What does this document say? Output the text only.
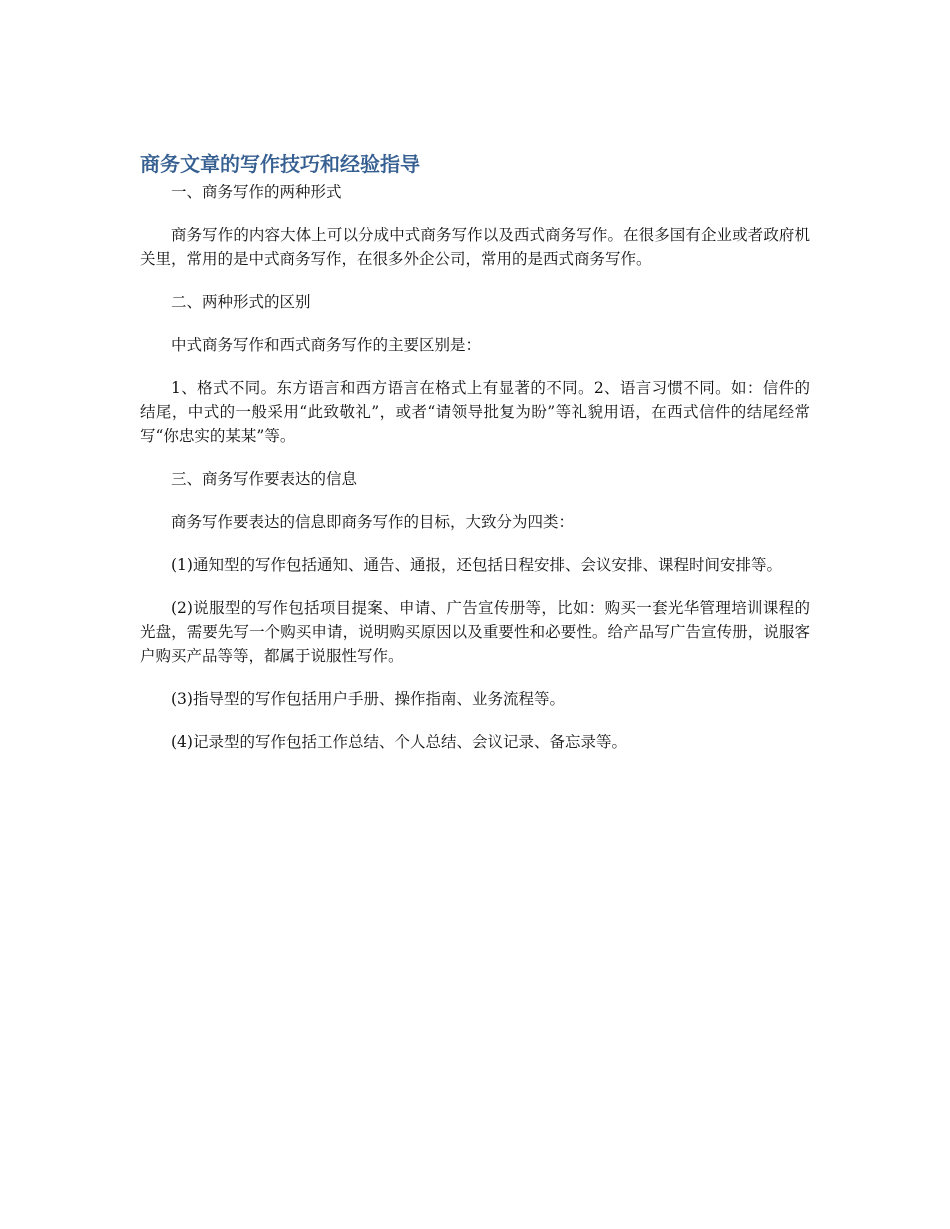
商务文章的写作技巧和经验指导

一、商务写作的两种形式

商务写作的内容大体上可以分成中式商务写作以及西式商务写作。在很多国有企业或者政府机关里，常用的是中式商务写作，在很多外企公司，常用的是西式商务写作。

二、两种形式的区别

中式商务写作和西式商务写作的主要区别是：

1、格式不同。东方语言和西方语言在格式上有显著的不同。2、语言习惯不同。如：信件的结尾，中式的一般采用“此致敬礼”，或者“请领导批复为盼”等礼貌用语，在西式信件的结尾经常写“你忠实的某某”等。

三、商务写作要表达的信息

商务写作要表达的信息即商务写作的目标，大致分为四类：

(1)通知型的写作包括通知、通告、通报，还包括日程安排、会议安排、课程时间安排等。

(2)说服型的写作包括项目提案、申请、广告宣传册等，比如：购买一套光华管理培训课程的光盘，需要先写一个购买申请，说明购买原因以及重要性和必要性。给产品写广告宣传册，说服客户购买产品等等，都属于说服性写作。

(3)指导型的写作包括用户手册、操作指南、业务流程等。

(4)记录型的写作包括工作总结、个人总结、会议记录、备忘录等。
